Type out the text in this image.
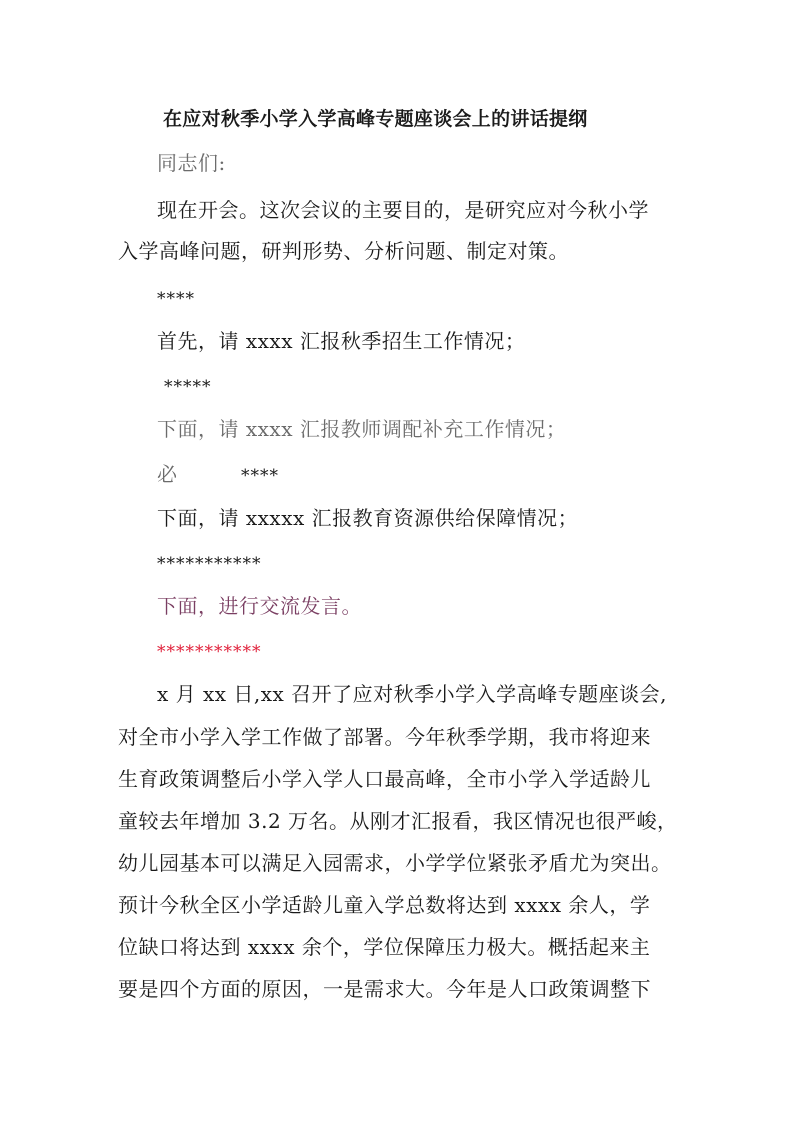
在应对秋季小学入学高峰专题座谈会上的讲话提纲
同志们:
现在开会。这次会议的主要目的，是研究应对今秋小学
入学高峰问题，研判形势、分析问题、制定对策。
****
首先，请 xxxx 汇报秋季招生工作情况；
*****
下面，请 xxxx 汇报教师调配补充工作情况；
必	****
下面，请 xxxxx 汇报教育资源供给保障情况；
***********
下面，进行交流发言。
***********
x 月 xx 日,xx 召开了应对秋季小学入学高峰专题座谈会,
对全市小学入学工作做了部署。今年秋季学期，我市将迎来
生育政策调整后小学入学人口最高峰，全市小学入学适龄儿
童较去年增加 3.2 万名。从刚才汇报看，我区情况也很严峻，
幼儿园基本可以满足入园需求，小学学位紧张矛盾尤为突出。
预计今秋全区小学适龄儿童入学总数将达到 xxxx 余人，学
位缺口将达到 xxxx 余个，学位保障压力极大。概括起来主
要是四个方面的原因，一是需求大。今年是人口政策调整下
